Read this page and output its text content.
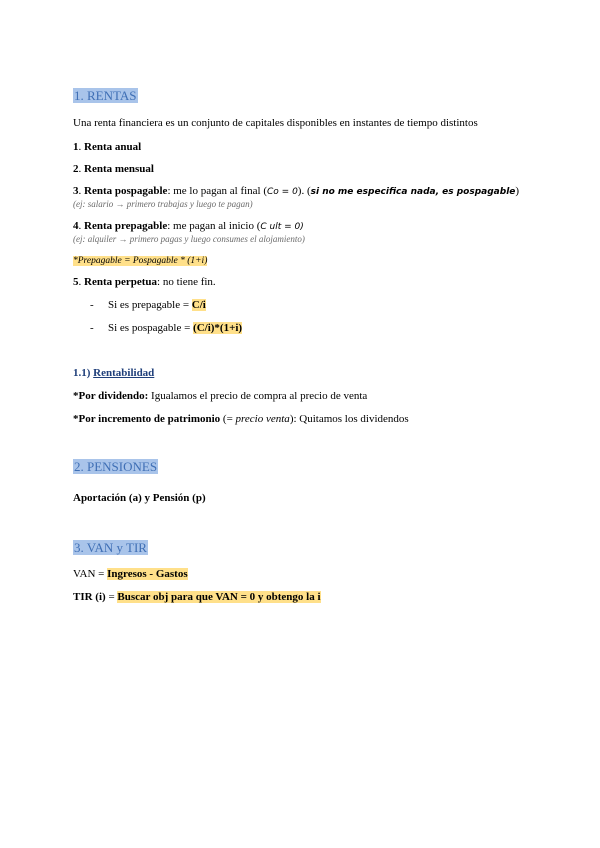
1. RENTAS
Una renta financiera es un conjunto de capitales disponibles en instantes de tiempo distintos
1. Renta anual
2. Renta mensual
3. Renta pospagable: me lo pagan al final (Co = 0). (si no me especifica nada, es pospagable)
(ej: salario → primero trabajas y luego te pagan)
4. Renta prepagable: me pagan al inicio (C ult = 0)
(ej: alquiler → primero pagas y luego consumes el alojamiento)
*Prepagable = Pospagable * (1+i)
5. Renta perpetua: no tiene fin.
- Si es prepagable = C/i
- Si es pospagable = (C/i)*(1+i)
1.1) Rentabilidad
*Por dividendo: Igualamos el precio de compra al precio de venta
*Por incremento de patrimonio (= precio venta): Quitamos los dividendos
2. PENSIONES
Aportación (a) y Pensión (p)
3. VAN y TIR
VAN = Ingresos - Gastos
TIR (i) = Buscar obj para que VAN = 0 y obtengo la i
